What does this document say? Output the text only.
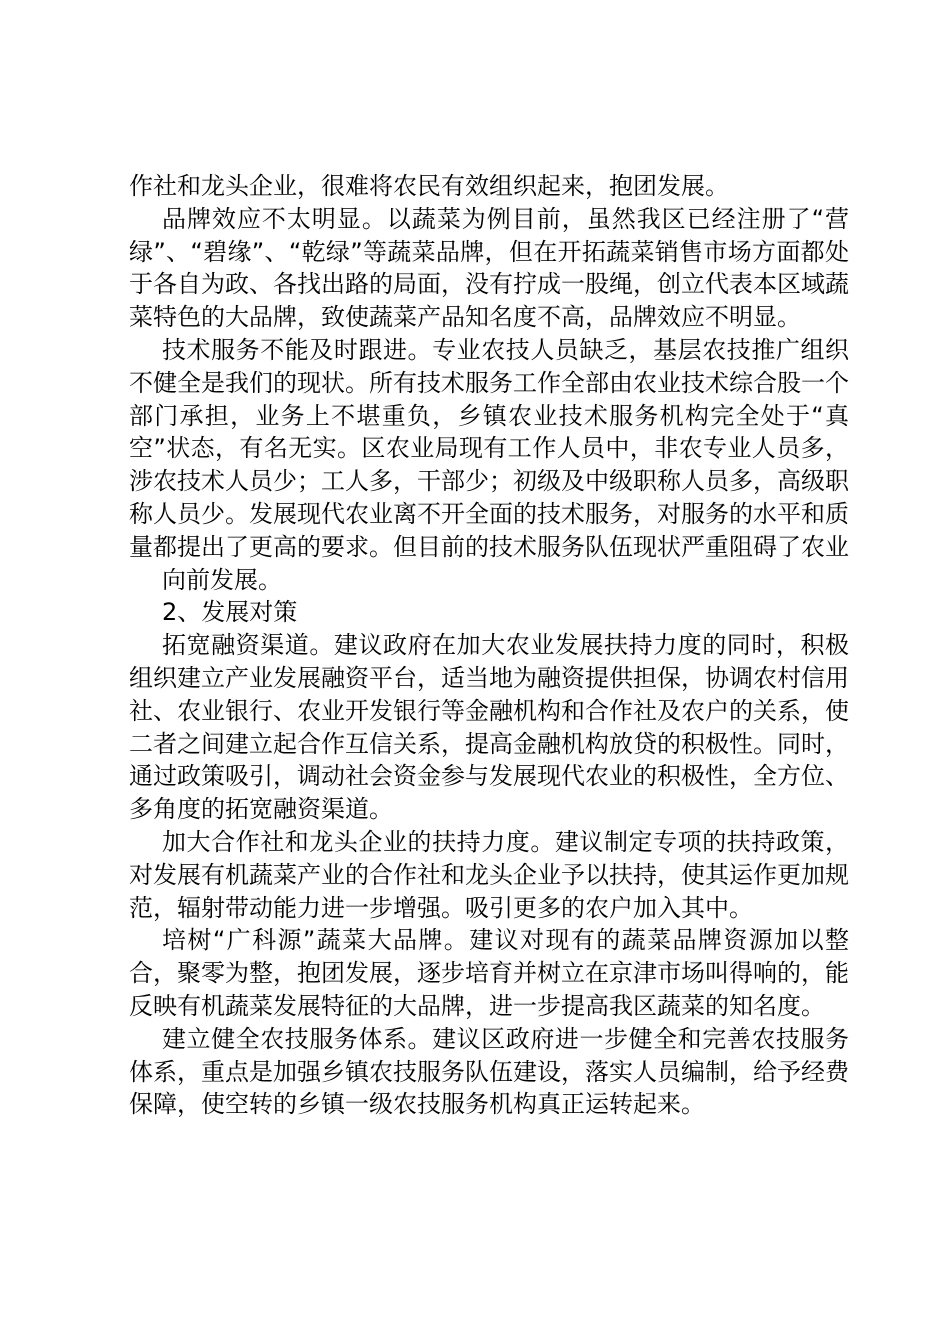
作社和龙头企业，很难将农民有效组织起来，抱团发展。

品牌效应不太明显。以蔬菜为例目前，虽然我区已经注册了“营绿”、“碧缘”、“乾绿”等蔬菜品牌，但在开拓蔬菜销售市场方面都处于各自为政、各找出路的局面，没有拧成一股绳，创立代表本区域蔬菜特色的大品牌，致使蔬菜产品知名度不高，品牌效应不明显。

技术服务不能及时跟进。专业农技人员缺乏，基层农技推广组织不健全是我们的现状。所有技术服务工作全部由农业技术综合股一个部门承担，业务上不堪重负，乡镇农业技术服务机构完全处于“真空”状态，有名无实。区农业局现有工作人员中，非农专业人员多，涉农技术人员少；工人多，干部少；初级及中级职称人员多，高级职称人员少。发展现代农业离不开全面的技术服务，对服务的水平和质量都提出了更高的要求。但目前的技术服务队伍现状严重阻碍了农业

向前发展。

2、发展对策

拓宽融资渠道。建议政府在加大农业发展扶持力度的同时，积极组织建立产业发展融资平台，适当地为融资提供担保，协调农村信用社、农业银行、农业开发银行等金融机构和合作社及农户的关系，使二者之间建立起合作互信关系，提高金融机构放贷的积极性。同时，通过政策吸引，调动社会资金参与发展现代农业的积极性，全方位、多角度的拓宽融资渠道。

加大合作社和龙头企业的扶持力度。建议制定专项的扶持政策，对发展有机蔬菜产业的合作社和龙头企业予以扶持，使其运作更加规范，辐射带动能力进一步增强。吸引更多的农户加入其中。

培树“广科源”蔬菜大品牌。建议对现有的蔬菜品牌资源加以整合，聚零为整，抱团发展，逐步培育并树立在京津市场叫得响的，能反映有机蔬菜发展特征的大品牌，进一步提高我区蔬菜的知名度。

建立健全农技服务体系。建议区政府进一步健全和完善农技服务体系，重点是加强乡镇农技服务队伍建设，落实人员编制，给予经费保障，使空转的乡镇一级农技服务机构真正运转起来。
